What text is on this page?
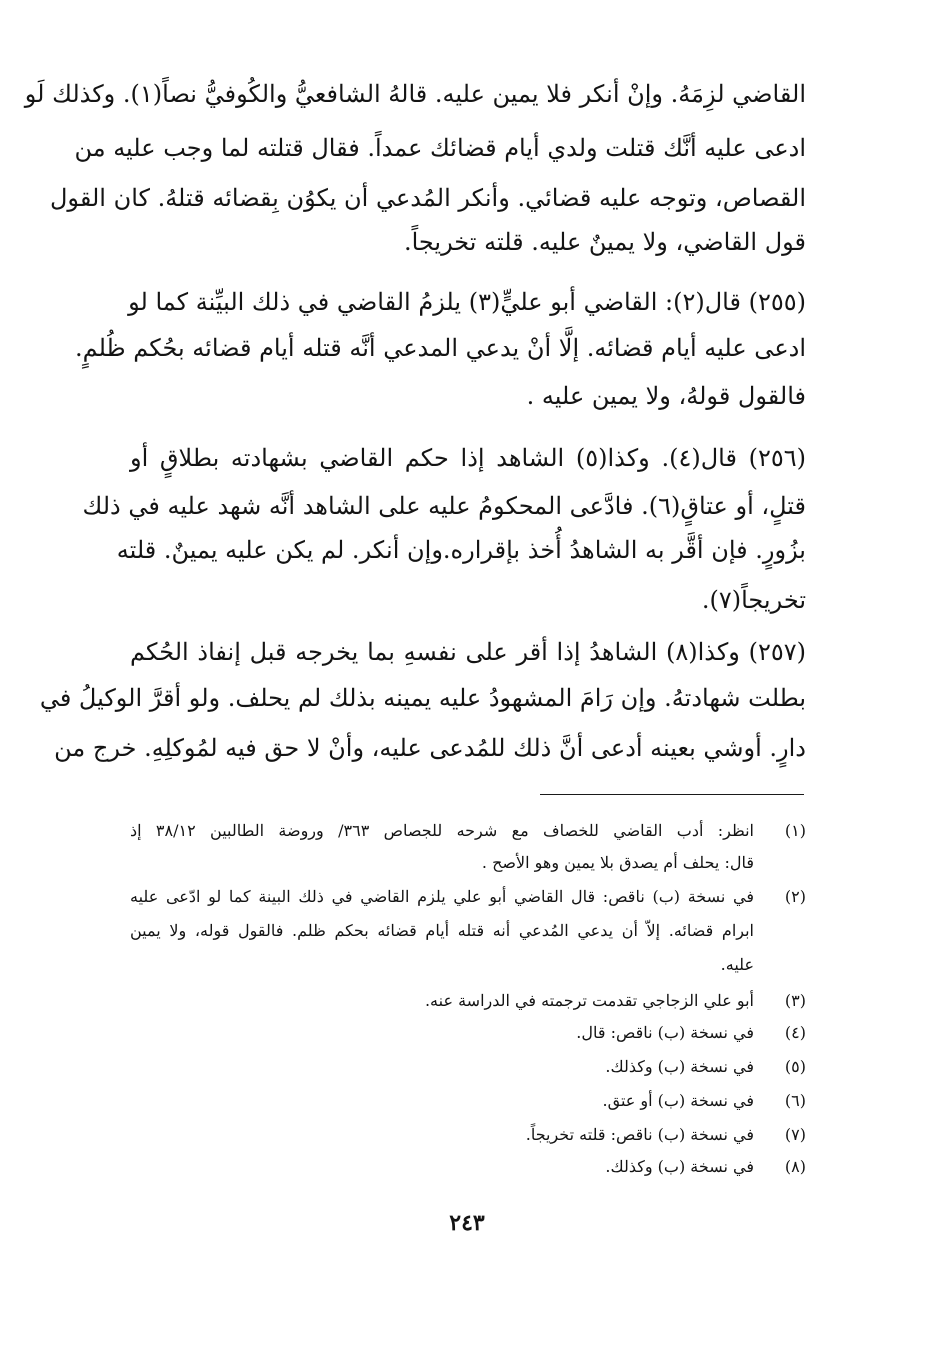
القاضي لزِمَهُ. وإنْ أنكر فلا يمين عليه. قالهُ الشافعيُّ والكُوفيُّ نصاً(١). وكذلك لَو
ادعى عليه أنَّك قتلت ولدي أيام قضائك عمداً. فقال قتلته لما وجب عليه من
القصاص، وتوجه عليه قضائي. وأنكر المُدعي أن يكوُن بِقضائه قتلهُ. كان القول
قول القاضي، ولا يمينٌ عليه. قلته تخريجاً.
(٢٥٥) قال(٢): القاضي أبو عليٍّ(٣) يلزمُ القاضي في ذلك البيِّنة كما لو
ادعى عليه أيام قضائه. إلَّا أنْ يدعي المدعي أنَّه قتله أيام قضائه بحُكم ظُلمٍ.
فالقول قولهُ، ولا يمين عليه .
(٢٥٦) قال(٤). وكذا(٥) الشاهد إذا حكم القاضي بشهادته بطلاقٍ أو
قتلٍ، أو عتاقٍ(٦). فادَّعى المحكومُ عليه على الشاهد أنَّه شهد عليه في ذلك
بزُورٍ. فإن أقَّر به الشاهدُ أُخذ بإقراره.وإن أنكر. لم يكن عليه يمينٌ. قلته
تخريجاً(٧).
(٢٥٧) وكذا(٨) الشاهدُ إذا أقر على نفسهِ بما يخرجه قبل إنفاذ الحُكم
بطلت شهادتهُ. وإن رَامَ المشهودُ عليه يمينه بذلك لم يحلف. ولو أقرَّ الوكيلُ في
دارٍ. أوشي بعينه أدعى أنَّ ذلك للمُدعى عليه، وأنْ لا حق فيه لمُوكلِهِ. خرج من
(١)
انظر: أدب القاضي للخصاف مع شرحه للجصاص ٣٦٣/ وروضة الطالبين ٣٨/١٢ إذ
قال: يحلف أم يصدق بلا يمين وهو الأصح .
(٢)
في نسخة (ب) ناقص: قال القاضي أبو علي يلزم القاضي في ذلك البينة كما لو ادّعى عليه
ابرام قضائه. إلاّ أن يدعي المُدعي أنه قتله أيام قضائه بحكم ظلم. فالقول قوله، ولا يمين
عليه.
(٣)
أبو علي الزجاجي تقدمت ترجمته في الدراسة عنه.
(٤)
في نسخة (ب) ناقص: قال.
(٥)
في نسخة (ب) وكذلك.
(٦)
في نسخة (ب) أو عتق.
(٧)
في نسخة (ب) ناقص: قلته تخريجاً.
(٨)
في نسخة (ب) وكذلك.
٢٤٣
